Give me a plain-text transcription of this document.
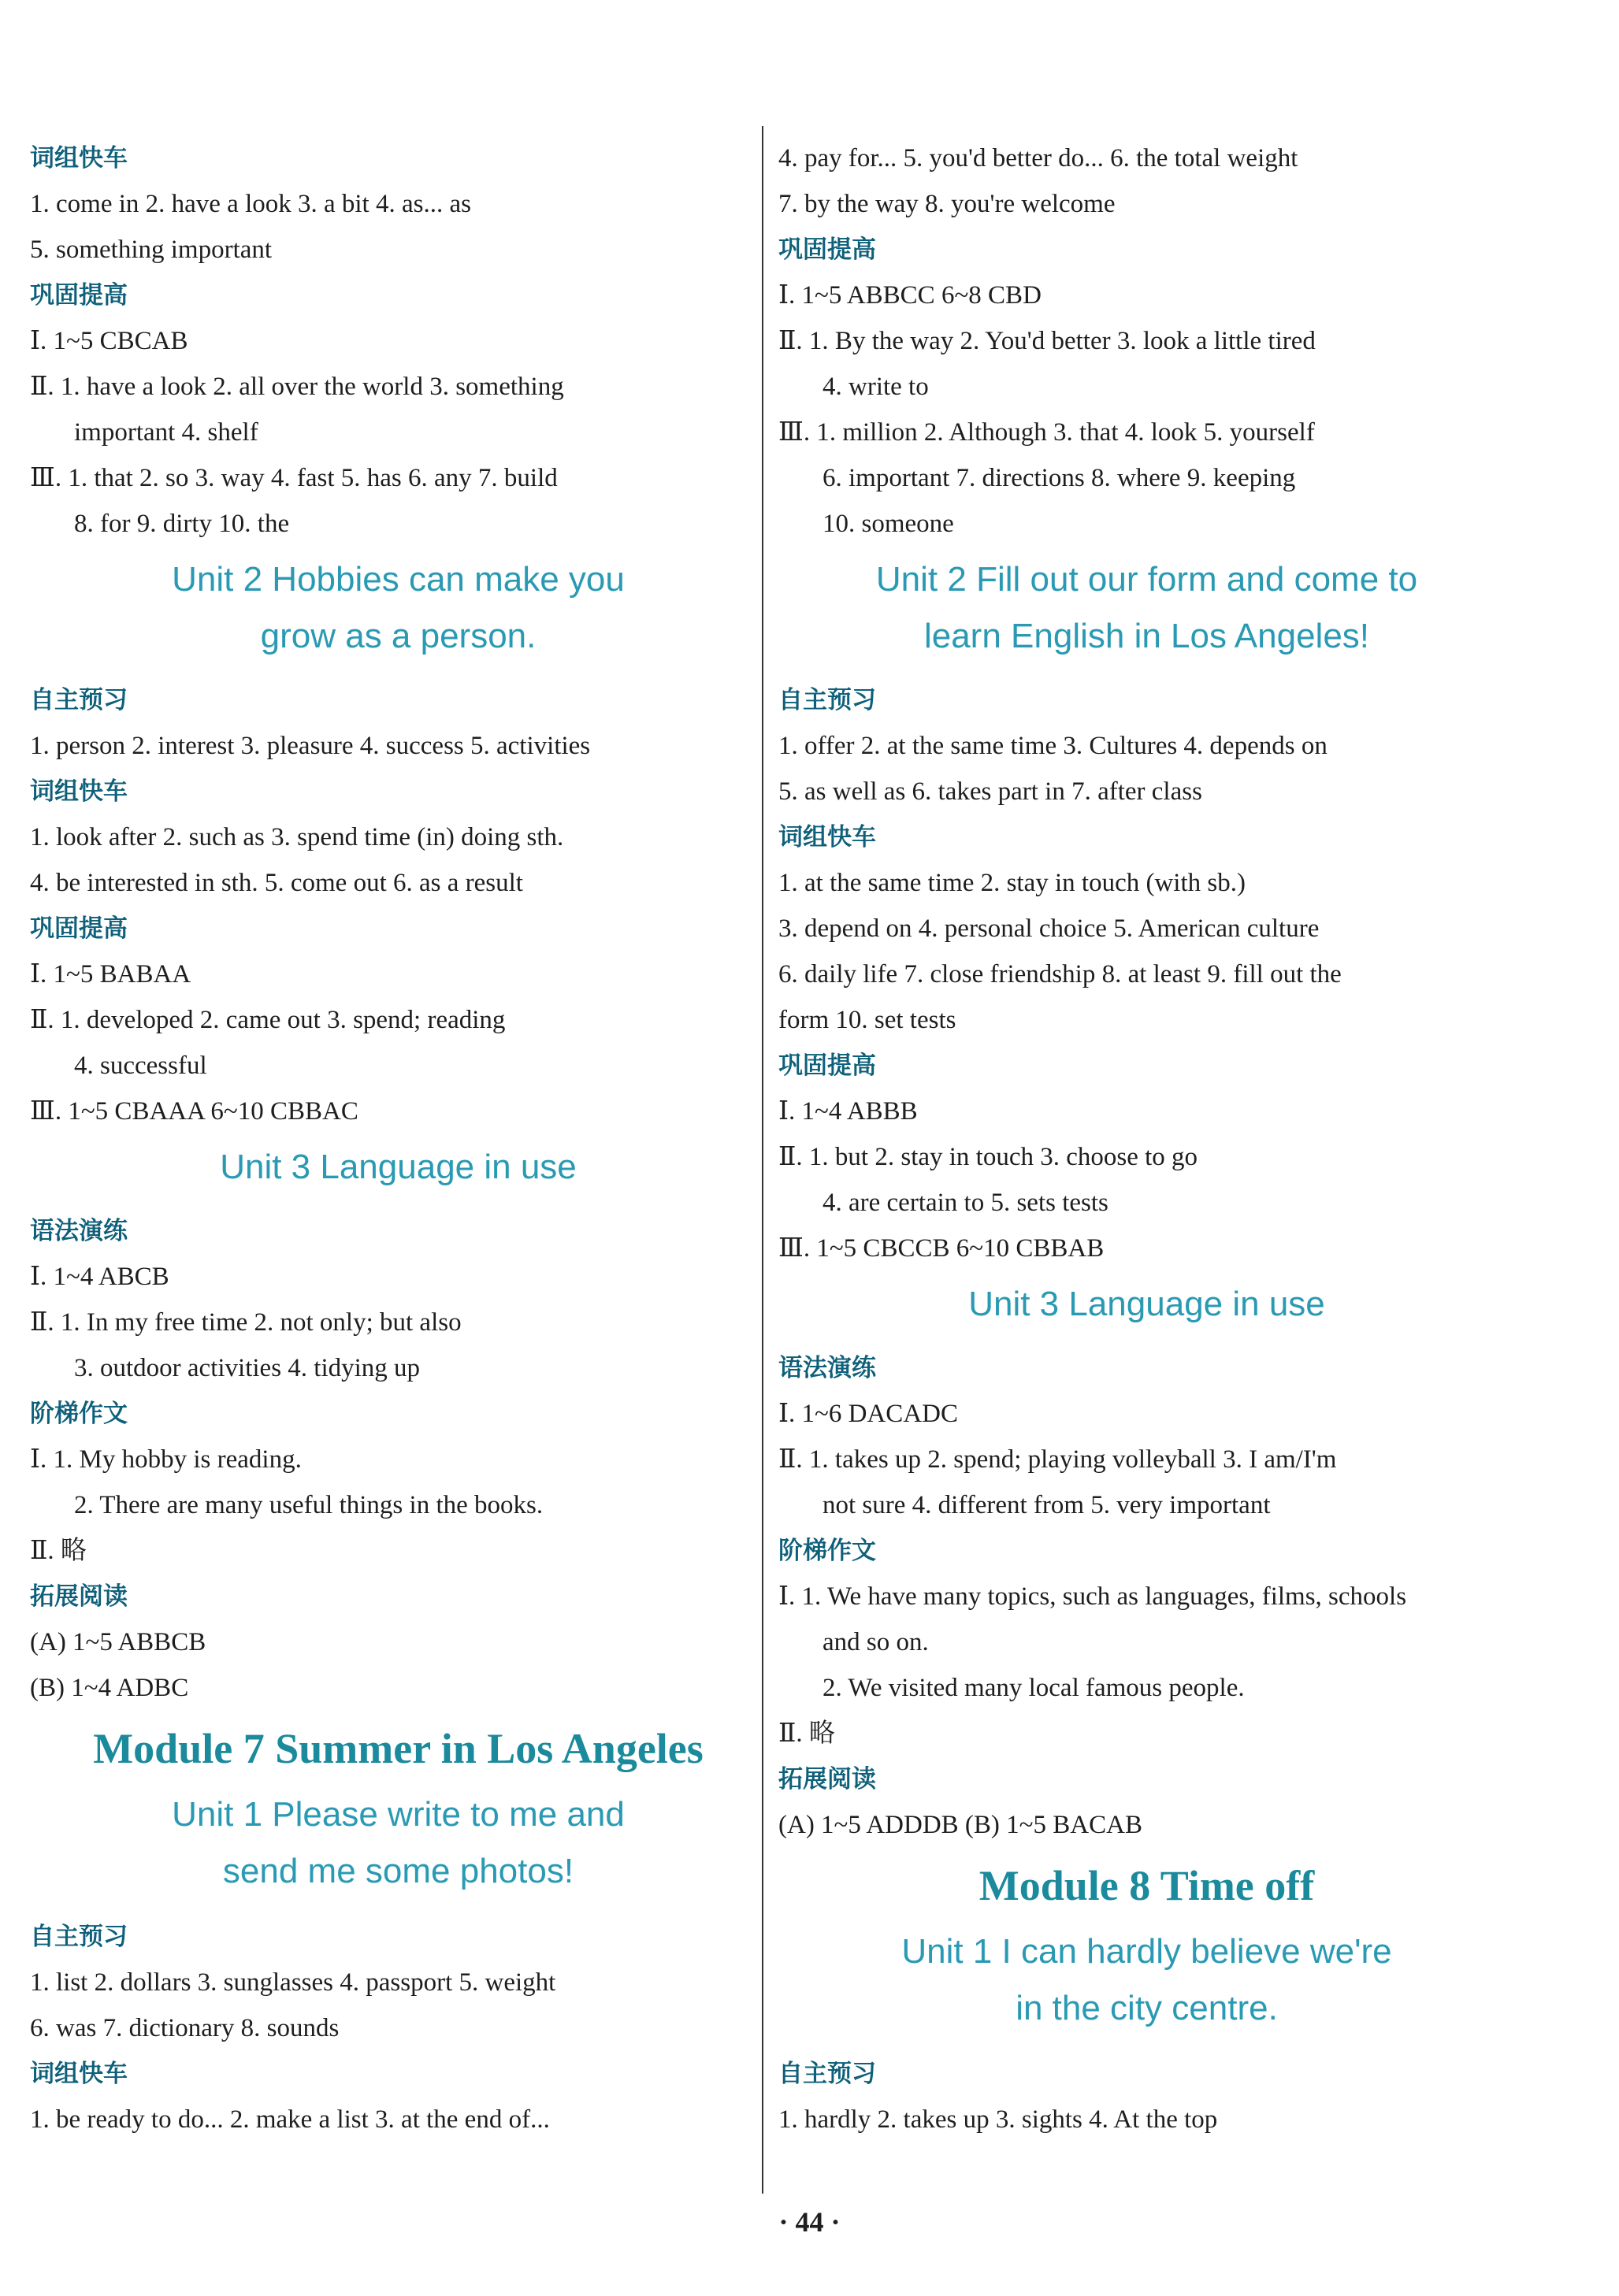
词组快车
1. come in 2. have a look 3. a bit 4. as... as
5. something important
巩固提高
Ⅰ. 1~5 CBCAB
Ⅱ. 1. have a look 2. all over the world 3. something
important 4. shelf
Ⅲ. 1. that 2. so 3. way 4. fast 5. has 6. any 7. build
8. for 9. dirty 10. the
Unit 2 Hobbies can make you
grow as a person.
自主预习
1. person 2. interest 3. pleasure 4. success 5. activities
词组快车
1. look after 2. such as 3. spend time (in) doing sth.
4. be interested in sth. 5. come out 6. as a result
巩固提高
Ⅰ. 1~5 BABAA
Ⅱ. 1. developed 2. came out 3. spend; reading
4. successful
Ⅲ. 1~5 CBAAA 6~10 CBBAC
Unit 3 Language in use
语法演练
Ⅰ. 1~4 ABCB
Ⅱ. 1. In my free time 2. not only; but also
3. outdoor activities 4. tidying up
阶梯作文
Ⅰ. 1. My hobby is reading.
2. There are many useful things in the books.
Ⅱ. 略
拓展阅读
(A) 1~5 ABBCB
(B) 1~4 ADBC
Module 7 Summer in Los Angeles
Unit 1 Please write to me and
send me some photos!
自主预习
1. list 2. dollars 3. sunglasses 4. passport 5. weight
6. was 7. dictionary 8. sounds
词组快车
1. be ready to do... 2. make a list 3. at the end of...
4. pay for... 5. you'd better do... 6. the total weight
7. by the way 8. you're welcome
巩固提高
Ⅰ. 1~5 ABBCC 6~8 CBD
Ⅱ. 1. By the way 2. You'd better 3. look a little tired
4. write to
Ⅲ. 1. million 2. Although 3. that 4. look 5. yourself
6. important 7. directions 8. where 9. keeping
10. someone
Unit 2 Fill out our form and come to
learn English in Los Angeles!
自主预习
1. offer 2. at the same time 3. Cultures 4. depends on
5. as well as 6. takes part in 7. after class
词组快车
1. at the same time 2. stay in touch (with sb.)
3. depend on 4. personal choice 5. American culture
6. daily life 7. close friendship 8. at least 9. fill out the
form 10. set tests
巩固提高
Ⅰ. 1~4 ABBB
Ⅱ. 1. but 2. stay in touch 3. choose to go
4. are certain to 5. sets tests
Ⅲ. 1~5 CBCCB 6~10 CBBAB
Unit 3 Language in use
语法演练
Ⅰ. 1~6 DACADC
Ⅱ. 1. takes up 2. spend; playing volleyball 3. I am/I'm
not sure 4. different from 5. very important
阶梯作文
Ⅰ. 1. We have many topics, such as languages, films, schools
and so on.
2. We visited many local famous people.
Ⅱ. 略
拓展阅读
(A) 1~5 ADDDB (B) 1~5 BACAB
Module 8 Time off
Unit 1 I can hardly believe we're
in the city centre.
自主预习
1. hardly 2. takes up 3. sights 4. At the top
· 44 ·
